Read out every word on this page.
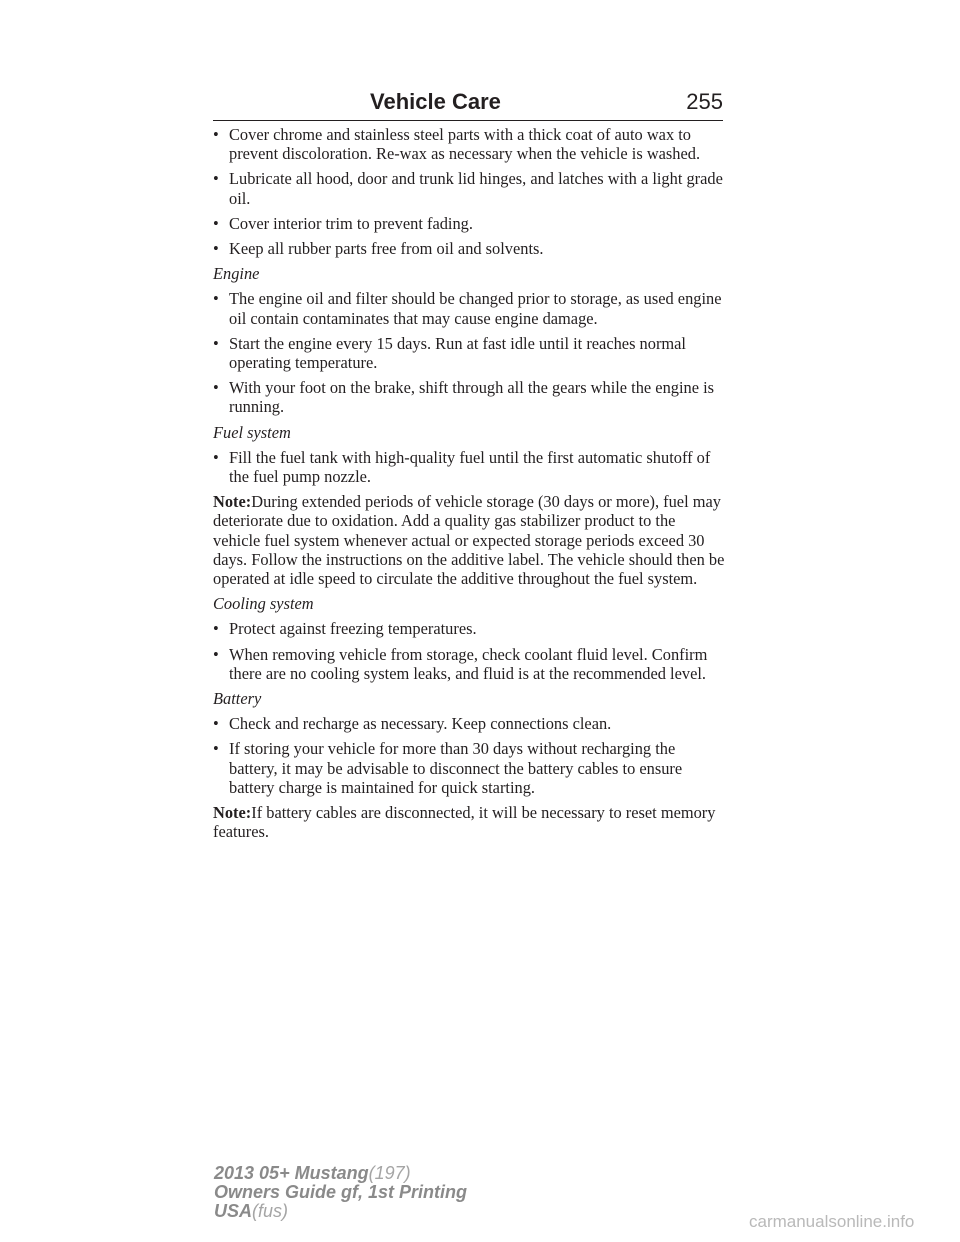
Vehicle Care	255
• Cover chrome and stainless steel parts with a thick coat of auto wax to prevent discoloration. Re-wax as necessary when the vehicle is washed.
• Lubricate all hood, door and trunk lid hinges, and latches with a light grade oil.
• Cover interior trim to prevent fading.
• Keep all rubber parts free from oil and solvents.
Engine
• The engine oil and filter should be changed prior to storage, as used engine oil contain contaminates that may cause engine damage.
• Start the engine every 15 days. Run at fast idle until it reaches normal operating temperature.
• With your foot on the brake, shift through all the gears while the engine is running.
Fuel system
• Fill the fuel tank with high-quality fuel until the first automatic shutoff of the fuel pump nozzle.
Note:During extended periods of vehicle storage (30 days or more), fuel may deteriorate due to oxidation. Add a quality gas stabilizer product to the vehicle fuel system whenever actual or expected storage periods exceed 30 days. Follow the instructions on the additive label. The vehicle should then be operated at idle speed to circulate the additive throughout the fuel system.
Cooling system
• Protect against freezing temperatures.
• When removing vehicle from storage, check coolant fluid level. Confirm there are no cooling system leaks, and fluid is at the recommended level.
Battery
• Check and recharge as necessary. Keep connections clean.
• If storing your vehicle for more than 30 days without recharging the battery, it may be advisable to disconnect the battery cables to ensure battery charge is maintained for quick starting.
Note:If battery cables are disconnected, it will be necessary to reset memory features.
2013 05+ Mustang(197)
Owners Guide gf, 1st Printing
USA(fus)
carmanualsonline.info
